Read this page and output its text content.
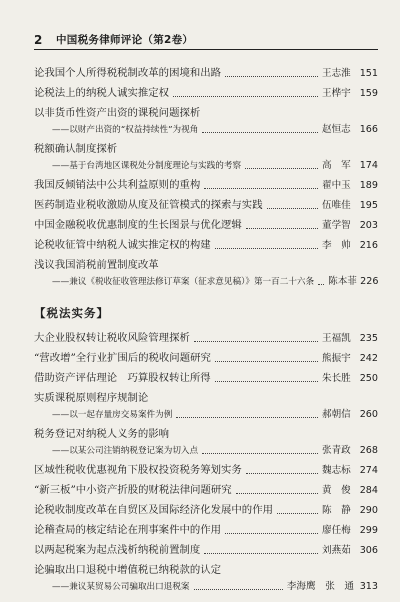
2	中国税务律师评论（第2卷）
论我国个人所得税税制改革的困境和出路	王志淮 151
论税法上的纳税人诚实推定权	王桦宇 159
以非货币性资产出资的课税问题探析
——以财产出资的“权益持续性”为视角	赵恒志 166
税额确认制度探析
——基于台湾地区课税处分制度理论与实践的考察	高　军 174
我国反倾销法中公共利益原则的重构	翟中玉 189
医药制造业税收激励从度及征管模式的探索与实践	伍唯佳 195
中国金融税收优惠制度的生长图景与优化逻辑	董学智 203
论税收征管中纳税人诚实推定权的构建	李　帅 216
浅议我国消税前置制度改革
——兼议《税收征收管理法修订草案（征求意见稿）》第一百二十六条 陈本菲 226
【税法实务】
大企业股权转让税收风险管理探析	王福凯 235
“营改增”全行业扩围后的税收问题研究	熊振宇 242
借助资产评估理论　巧算股权转让所得	朱长胜 250
实质课税原则程序规制论
——以一起存量房交易案件为例	郝朝信 260
税务登记对纳税人义务的影响
——以某公司注销纳税登记案为切入点	张青政 268
区域性税收优惠视角下股权投资税务筹划实务	魏志标 274
“新三板”中小资产折股的财税法律问题研究	黄　俊 284
论税收制度改革在自贸区及国际经济化发展中的作用	陈　静 290
论稽查局的核定结论在刑事案件中的作用	廖任梅 299
以两起税案为起点浅析纳税前置制度	刘燕茹 306
论骗取出口退税中增值税已纳税款的认定
——兼议某贸易公司骗取出口退税案	李海鹰　张　通 313
